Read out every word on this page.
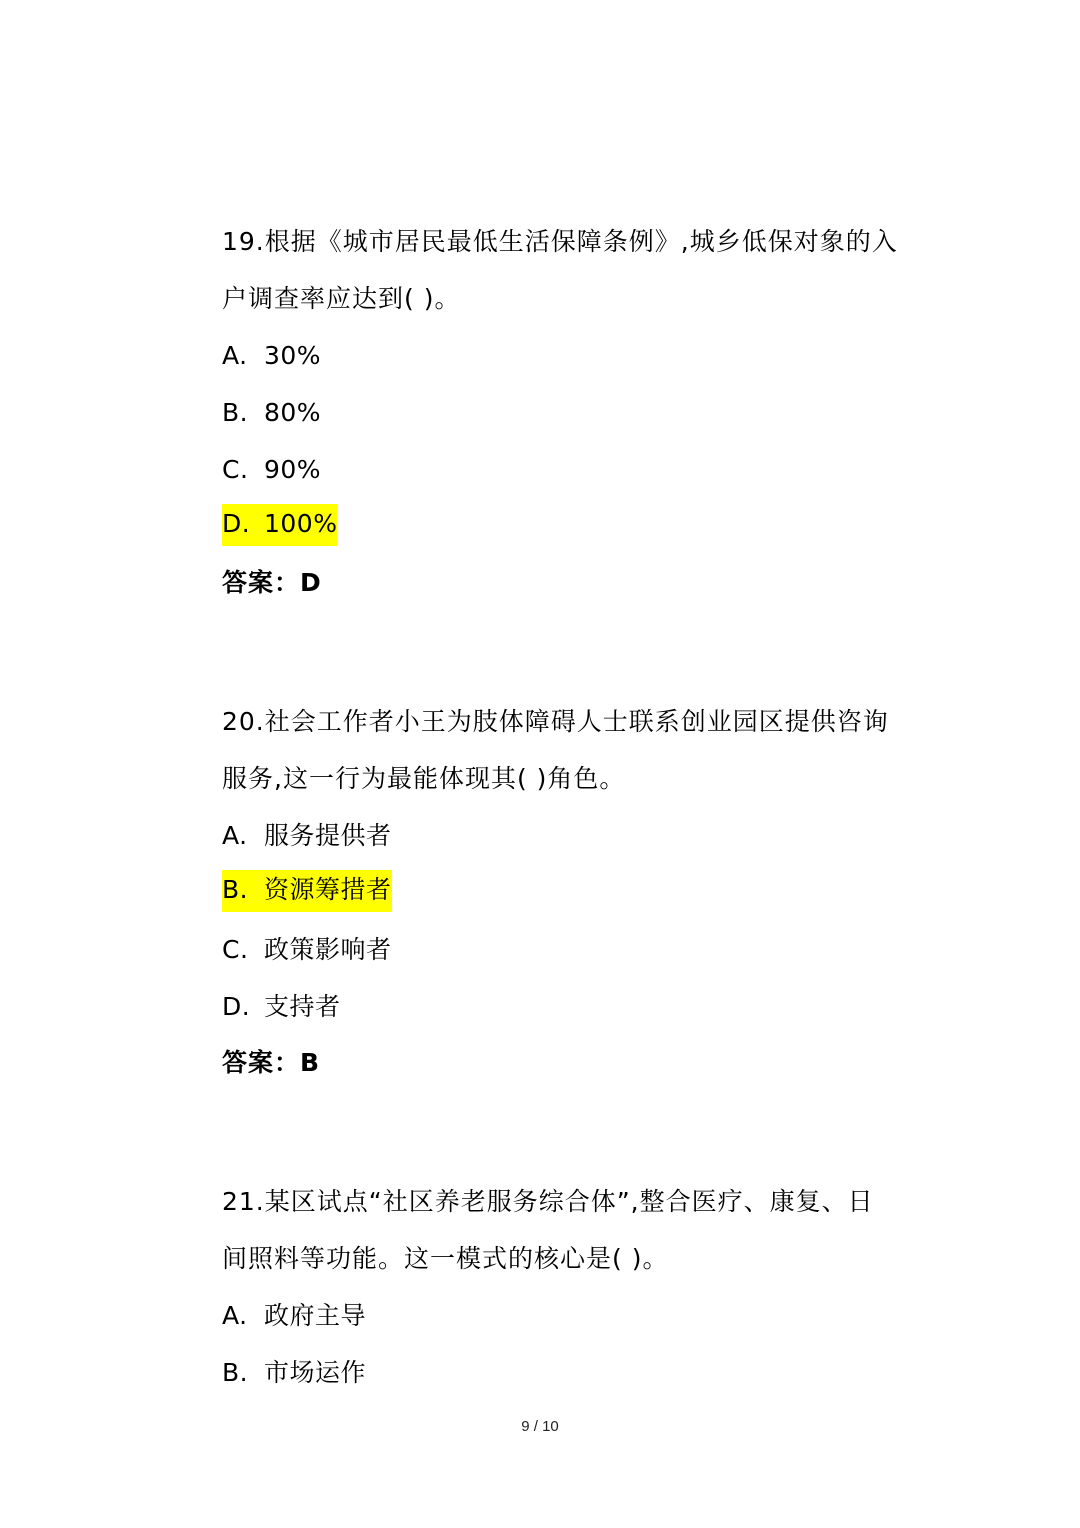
19.根据《城市居民最低生活保障条例》,城乡低保对象的入
户调查率应达到( )。
A. 30%
B. 80%
C. 90%
D. 100%
答案：D
20.社会工作者小王为肢体障碍人士联系创业园区提供咨询
服务,这一行为最能体现其( )角色。
A. 服务提供者
B. 资源筹措者
C. 政策影响者
D. 支持者
答案：B
21.某区试点“社区养老服务综合体”,整合医疗、康复、日
间照料等功能。这一模式的核心是( )。
A. 政府主导
B. 市场运作
9 / 10
